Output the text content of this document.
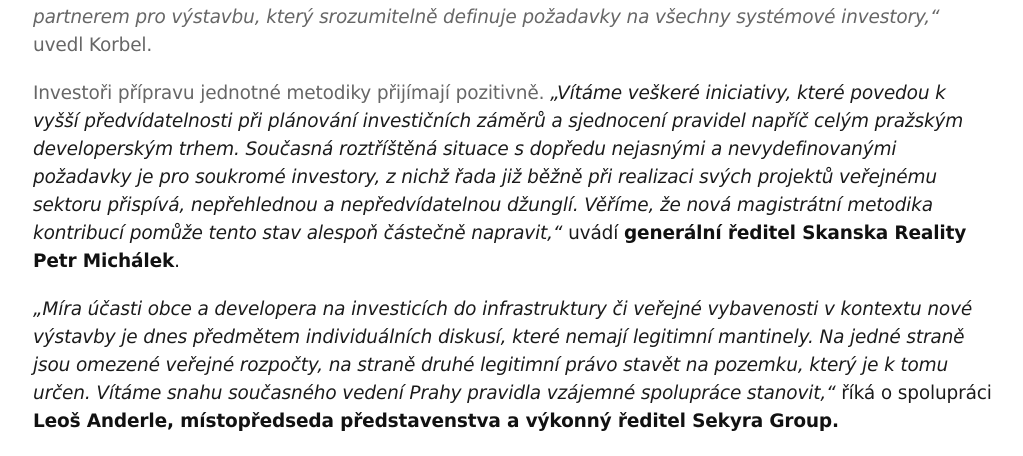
partnerem pro výstavbu, který srozumitelně definuje požadavky na všechny systémové investory,“ uvedl Korbel.

Investoři přípravu jednotné metodiky přijímají pozitivně. „Vítáme veškeré iniciativy, které povedou k vyšší předvídatelnosti při plánování investičních záměrů a sjednocení pravidel napříč celým pražským developerským trhem. Současná roztříštěná situace s dopředu nejasnými a nevydefinovanými požadavky je pro soukromé investory, z nichž řada již běžně při realizaci svých projektů veřejnému sektoru přispívá, nepřehlednou a nepředvídatelnou džunglí. Věříme, že nová magistrátní metodika kontribucí pomůže tento stav alespoň částečně napravit,“ uvádí generální ředitel Skanska Reality Petr Michálek.

„Míra účasti obce a developera na investicích do infrastruktury či veřejné vybavenosti v kontextu nové výstavby je dnes předmětem individuálních diskusí, které nemají legitimní mantinely. Na jedné straně jsou omezené veřejné rozpočty, na straně druhé legitimní právo stavět na pozemku, který je k tomu určen. Vítáme snahu současného vedení Prahy pravidla vzájemné spolupráce stanovit,“ říká o spolupráci Leoš Anderle, místopředseda představenstva a výkonný ředitel Sekyra Group.
